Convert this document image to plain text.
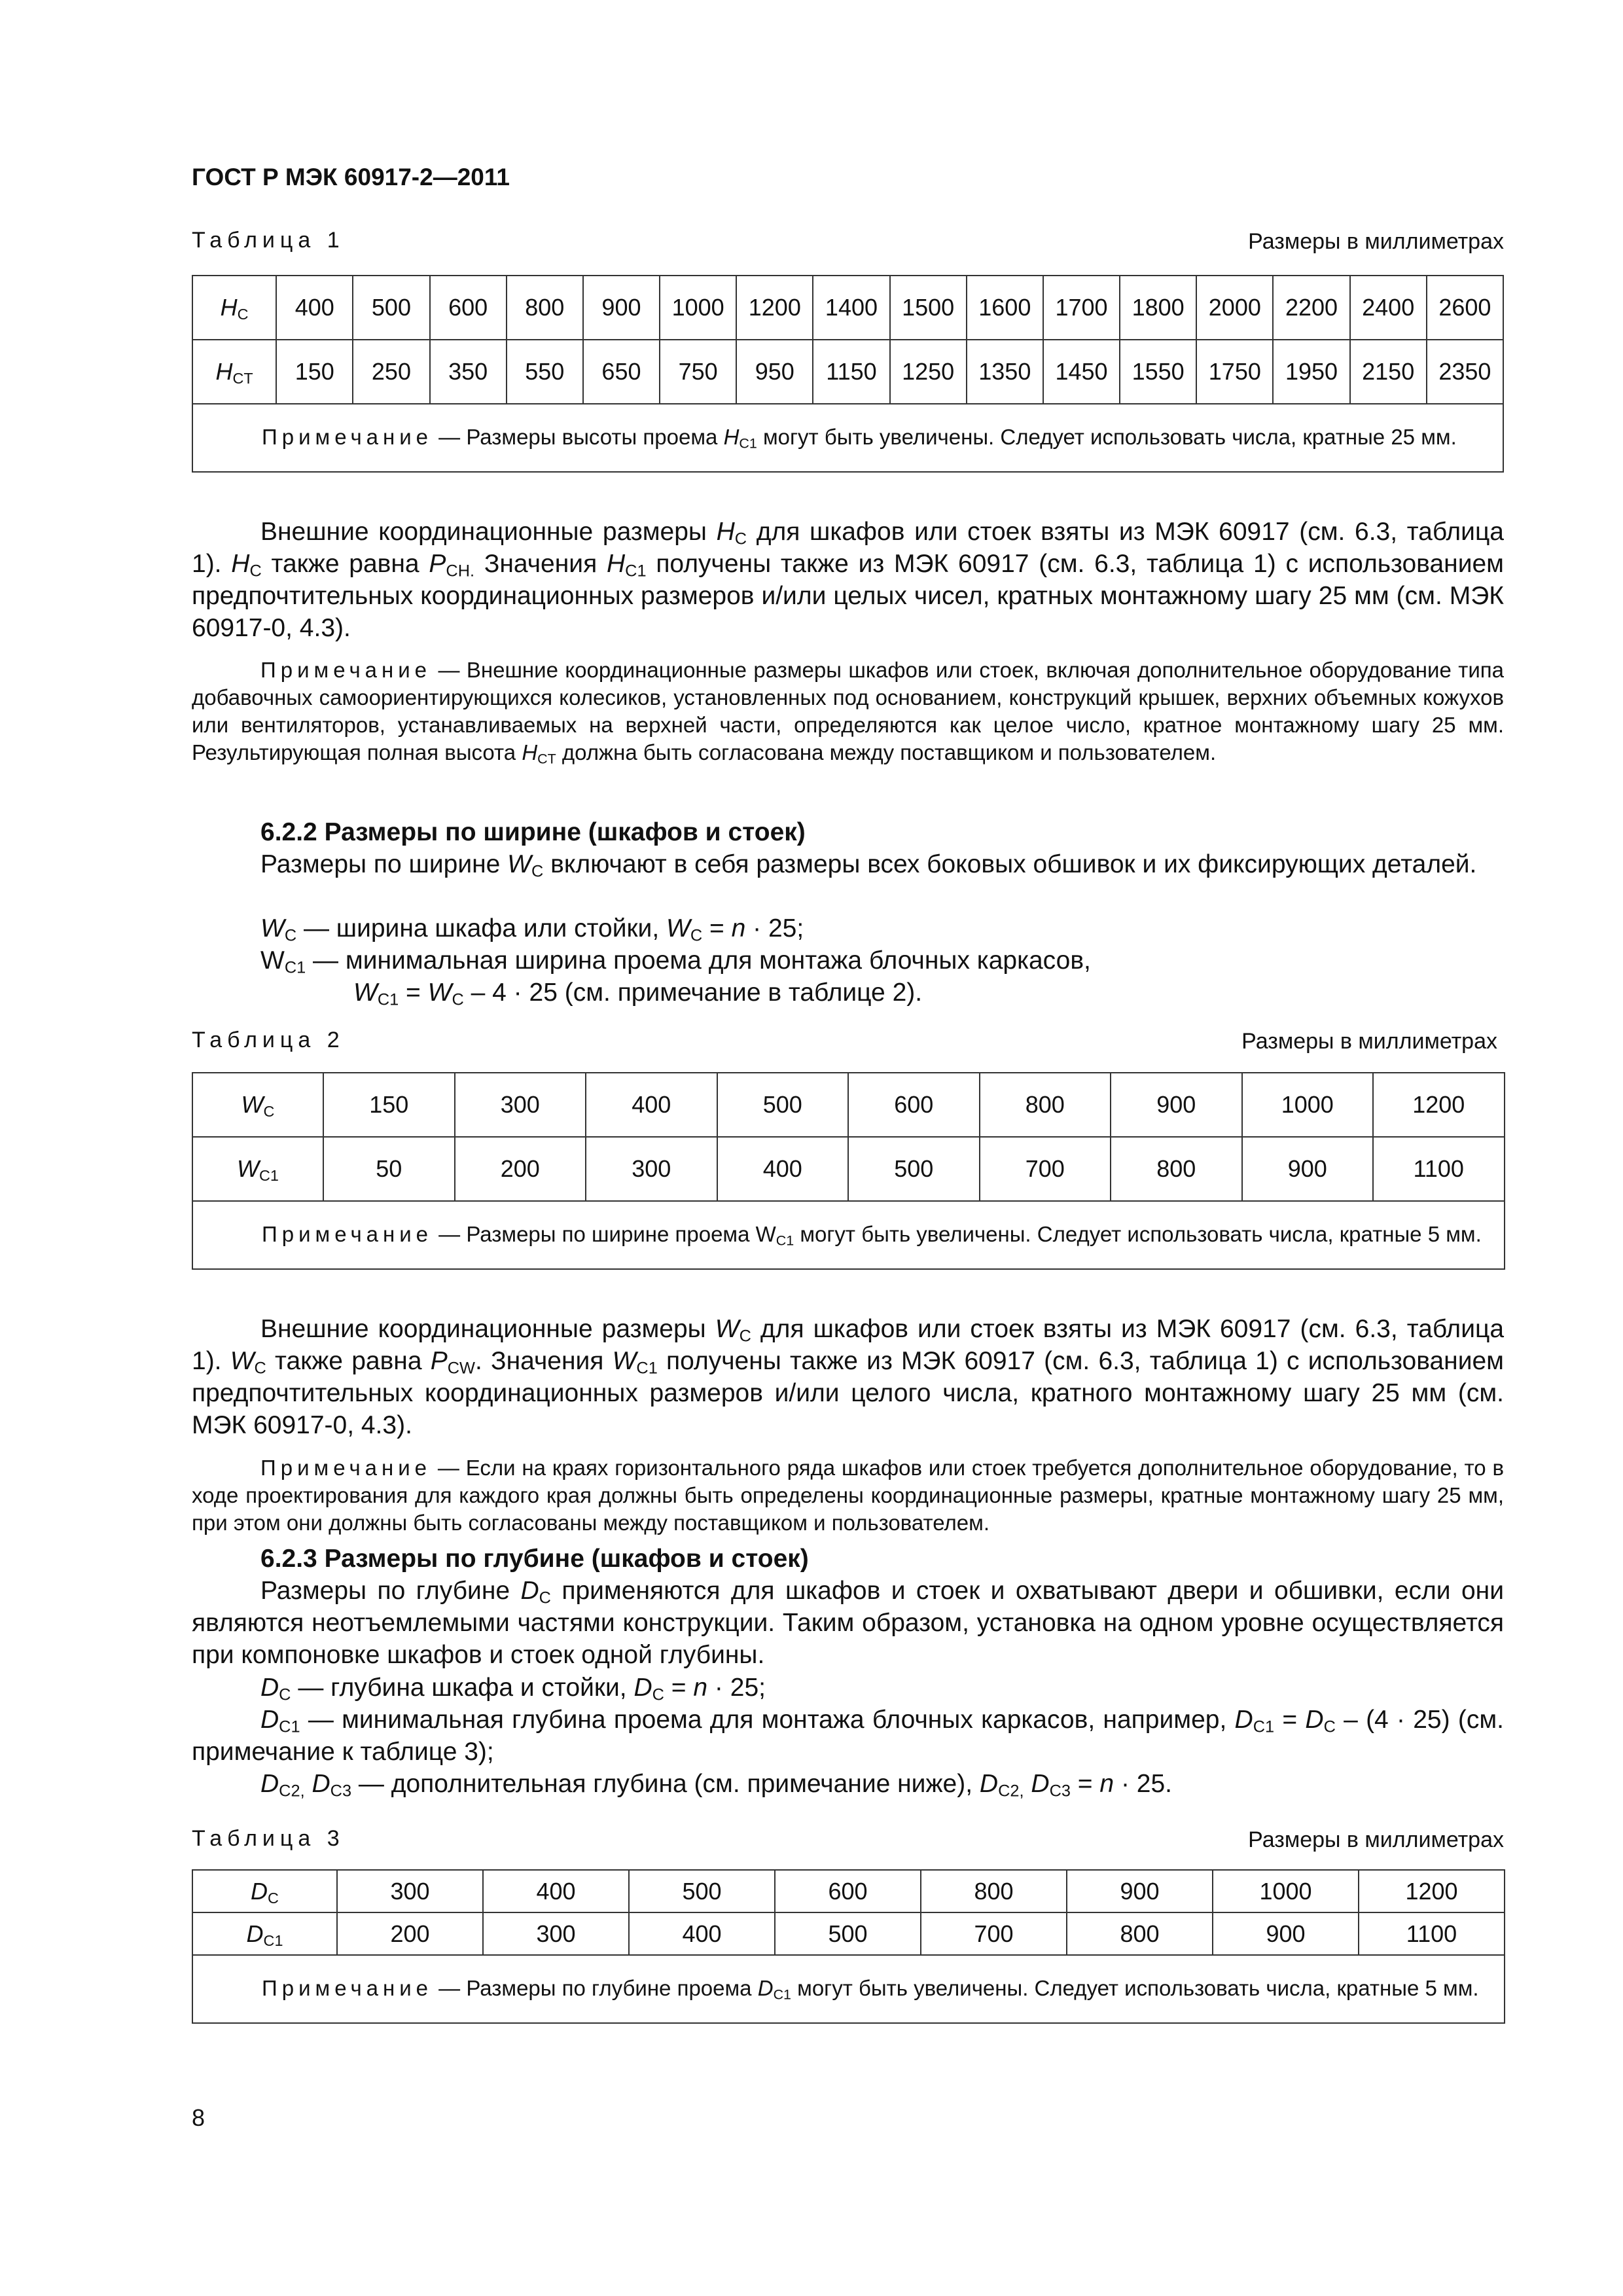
ГОСТ Р МЭК 60917-2—2011
Таблица 1	Размеры в миллиметрах
$H_C$	400	500	600	800	900	1000	1200	1400	1500	1600	1700	1800	2000	2200	2400	2600
$H_{CT}$	150	250	350	550	650	750	950	1150	1250	1350	1450	1550	1750	1950	2150	2350
Примечание — Размеры высоты проема $H_{C1}$ могут быть увеличены. Следует использовать числа, кратные 25 мм.																

Внешние координационные размеры $H_C$ для шкафов или стоек взяты из МЭК 60917 (см. 6.3, таблица 1). $H_C$ также равна $P_{CH.}$ Значения $H_{C1}$ получены также из МЭК 60917 (см. 6.3, таблица 1) с использованием предпочтительных координационных размеров и/или целых чисел, кратных монтажному шагу 25 мм (см. МЭК 60917-0, 4.3).

Примечание — Внешние координационные размеры шкафов или стоек, включая дополнительное оборудование типа добавочных самоориентирующихся колесиков, установленных под основанием, конструкций крышек, верхних объемных кожухов или вентиляторов, устанавливаемых на верхней части, определяются как целое число, кратное монтажному шагу 25 мм. Результирующая полная высота $H_{CT}$ должна быть согласована между поставщиком и пользователем.

6.2.2 Размеры по ширине (шкафов и стоек)

Размеры по ширине $W_C$ включают в себя размеры всех боковых обшивок и их фиксирующих деталей.

$W_C$ — ширина шкафа или стойки, $W_C = n \cdot 25$;
$W_{C1}$ — минимальная ширина проема для монтажа блочных каркасов,
$W_{C1} = W_C - 4 \cdot 25$ (см. примечание в таблице 2).
Таблица 2	Размеры в миллиметрах
$W_C$	150	300	400	500	600	800	900	1000	1200
$W_{C1}$	50	200	300	400	500	700	800	900	1100
Примечание — Размеры по ширине проема $W_{C1}$ могут быть увеличены. Следует использовать числа, кратные 5 мм.									

Внешние координационные размеры $W_C$ для шкафов или стоек взяты из МЭК 60917 (см. 6.3, таблица 1). $W_C$ также равна $P_{CW}$. Значения $W_{C1}$ получены также из МЭК 60917 (см. 6.3, таблица 1) с использованием предпочтительных координационных размеров и/или целого числа, кратного монтажному шагу 25 мм (см. МЭК 60917-0, 4.3).

Примечание — Если на краях горизонтального ряда шкафов или стоек требуется дополнительное оборудование, то в ходе проектирования для каждого края должны быть определены координационные размеры, кратные монтажному шагу 25 мм, при этом они должны быть согласованы между поставщиком и пользователем.

6.2.3 Размеры по глубине (шкафов и стоек)

Размеры по глубине $D_C$ применяются для шкафов и стоек и охватывают двери и обшивки, если они являются неотъемлемыми частями конструкции. Таким образом, установка на одном уровне осуществляется при компоновке шкафов и стоек одной глубины.

$D_C$ — глубина шкафа и стойки, $D_C = n \cdot 25$;

$D_{C1}$ — минимальная глубина проема для монтажа блочных каркасов, например, $D_{C1} = D_C - (4 \cdot 25)$ (см. примечание к таблице 3);

$D_{C2,}$ $D_{C3}$ — дополнительная глубина (см. примечание ниже), $D_{C2,}$ $D_{C3} = n \cdot 25$.
Таблица 3	Размеры в миллиметрах
$D_C$	300	400	500	600	800	900	1000	1200
$D_{C1}$	200	300	400	500	700	800	900	1100
Примечание — Размеры по глубине проема $D_{C1}$ могут быть увеличены. Следует использовать числа, кратные 5 мм.								
8
